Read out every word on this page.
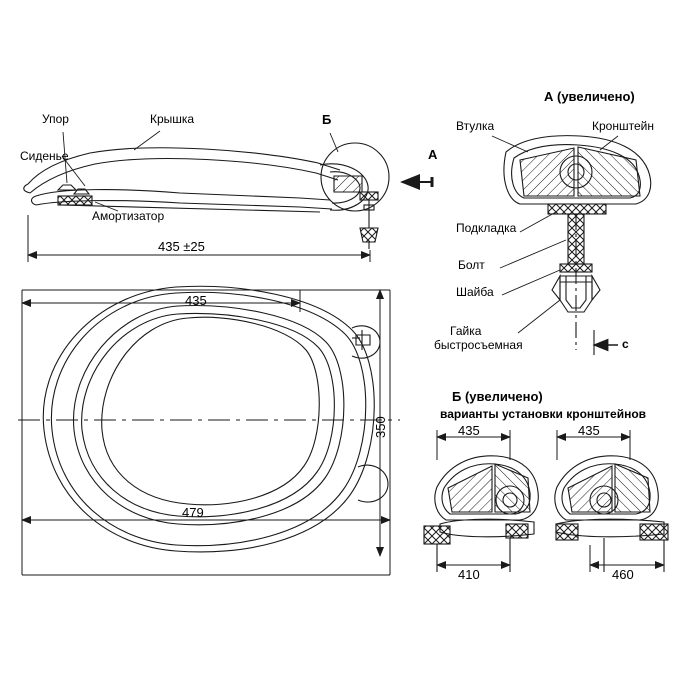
Упор	Крышка
Сиденье
Амортизатор
Б
А
435 ±25
435
479
350
А (увеличено)
Втулка	Кронштейн
Подкладка
Болт
Шайба
Гайка
быстросъемная	c
Б (увеличено)
варианты установки кронштейнов
435	435
410	460
